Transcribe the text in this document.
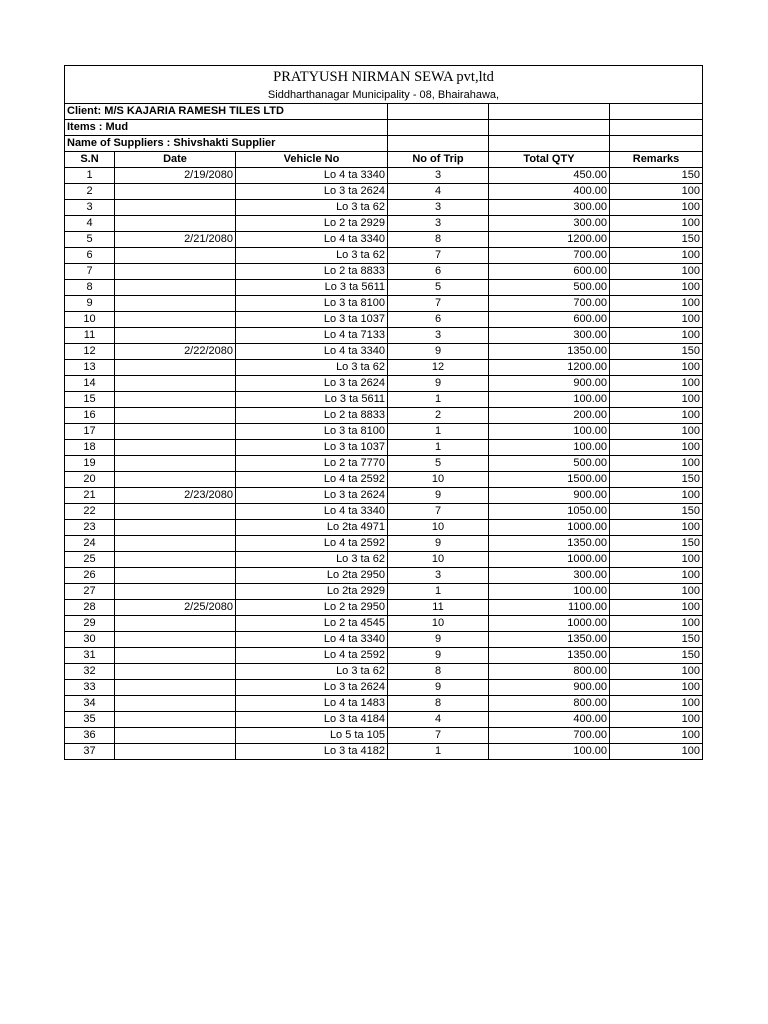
PRATYUSH NIRMAN SEWA pvt,ltd					
Siddharthanagar Municipality - 08, Bhairahawa,					
Client: M/S KAJARIA RAMESH TILES LTD					
Items : Mud					
Name of Suppliers : Shivshakti Supplier					
S.N	Date	Vehicle No	No of Trip	Total QTY	Remarks
1	2/19/2080	Lo 4 ta 3340	3	450.00	150
2		Lo 3 ta 2624	4	400.00	100
3		Lo 3 ta 62	3	300.00	100
4		Lo 2 ta 2929	3	300.00	100
5	2/21/2080	Lo 4 ta 3340	8	1200.00	150
6		Lo 3 ta 62	7	700.00	100
7		Lo 2 ta 8833	6	600.00	100
8		Lo 3 ta 5611	5	500.00	100
9		Lo 3 ta 8100	7	700.00	100
10		Lo 3 ta 1037	6	600.00	100
11		Lo 4 ta 7133	3	300.00	100
12	2/22/2080	Lo 4 ta 3340	9	1350.00	150
13		Lo 3 ta 62	12	1200.00	100
14		Lo 3 ta 2624	9	900.00	100
15		Lo 3 ta 5611	1	100.00	100
16		Lo 2 ta 8833	2	200.00	100
17		Lo 3 ta 8100	1	100.00	100
18		Lo 3 ta 1037	1	100.00	100
19		Lo 2 ta 7770	5	500.00	100
20		Lo 4 ta 2592	10	1500.00	150
21	2/23/2080	Lo 3 ta 2624	9	900.00	100
22		Lo 4 ta 3340	7	1050.00	150
23		Lo 2ta 4971	10	1000.00	100
24		Lo 4 ta 2592	9	1350.00	150
25		Lo 3 ta 62	10	1000.00	100
26		Lo 2ta 2950	3	300.00	100
27		Lo 2ta 2929	1	100.00	100
28	2/25/2080	Lo 2 ta 2950	11	1100.00	100
29		Lo 2 ta 4545	10	1000.00	100
30		Lo 4 ta 3340	9	1350.00	150
31		Lo 4 ta 2592	9	1350.00	150
32		Lo 3 ta 62	8	800.00	100
33		Lo 3 ta 2624	9	900.00	100
34		Lo 4 ta 1483	8	800.00	100
35		Lo 3 ta 4184	4	400.00	100
36		Lo 5 ta 105	7	700.00	100
37		Lo 3 ta 4182	1	100.00	100
